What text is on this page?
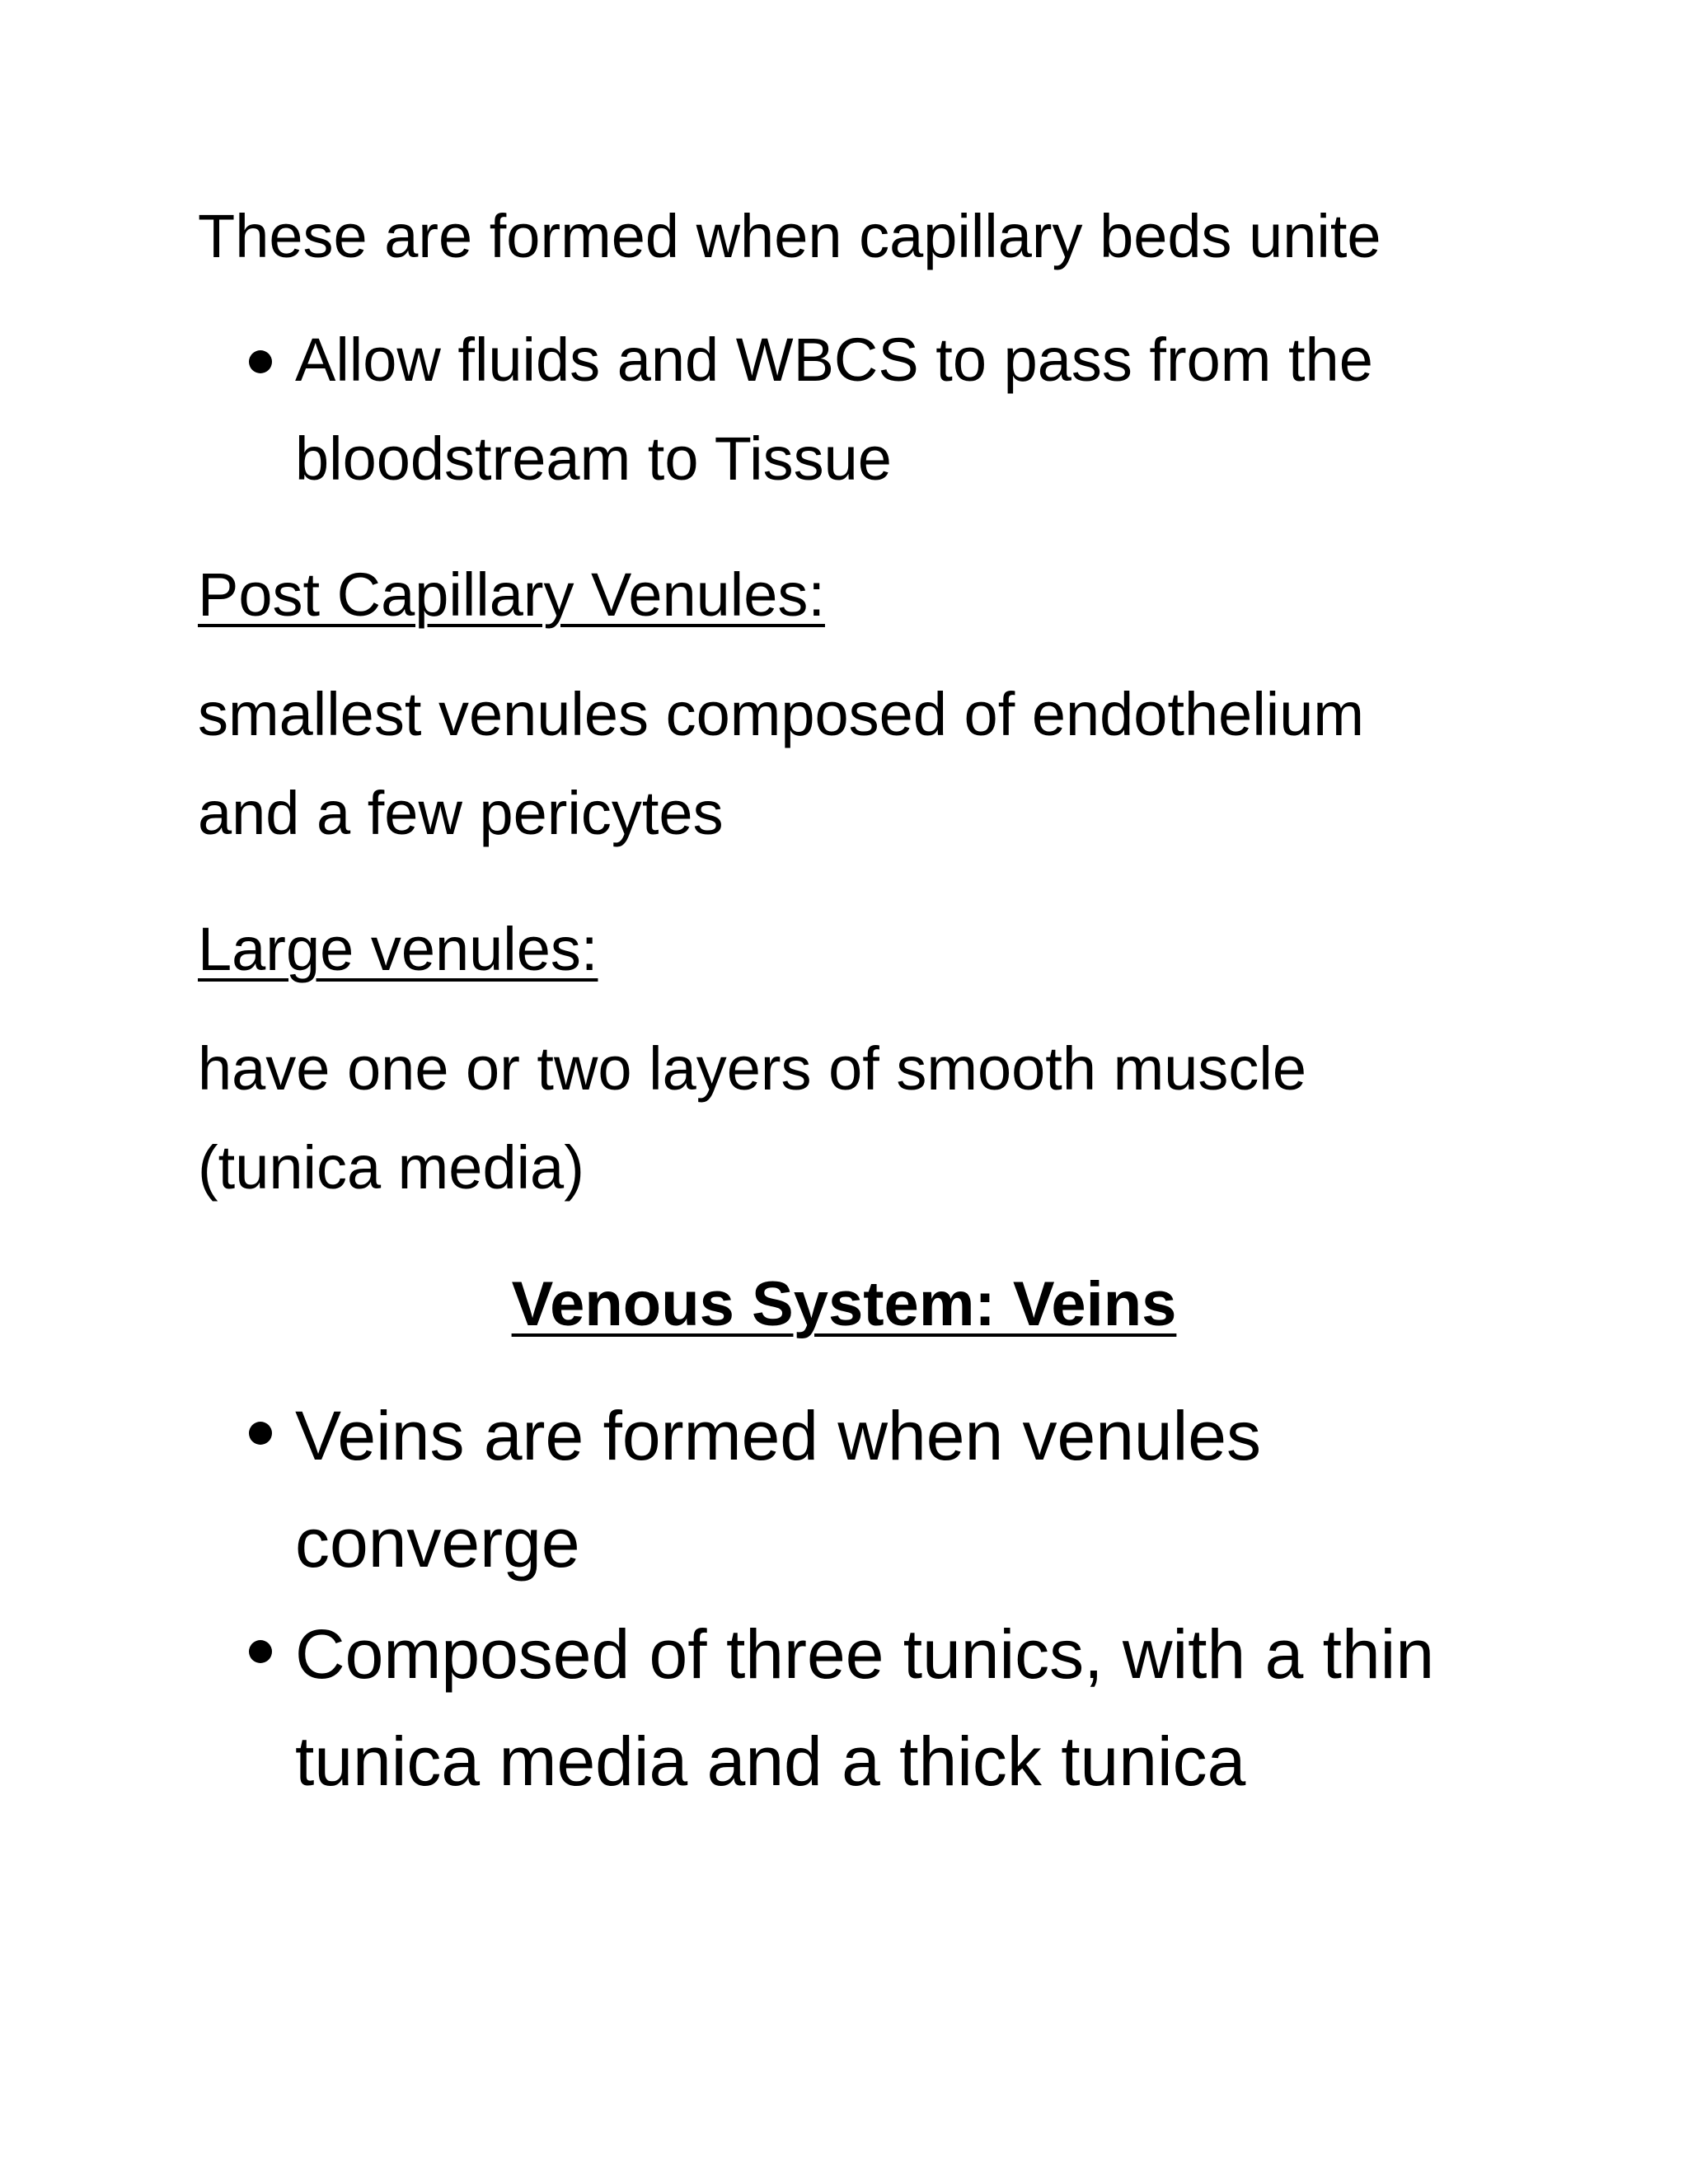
These are formed when capillary beds unite
Allow fluids and WBCS to pass from the
bloodstream to Tissue
Post Capillary Venules:
smallest venules composed of endothelium
and a few pericytes
Large venules:
have one or two layers of smooth muscle
(tunica media)
Venous System: Veins
Veins are formed when venules
converge
Composed of three tunics, with a thin
tunica media and a thick tunica
